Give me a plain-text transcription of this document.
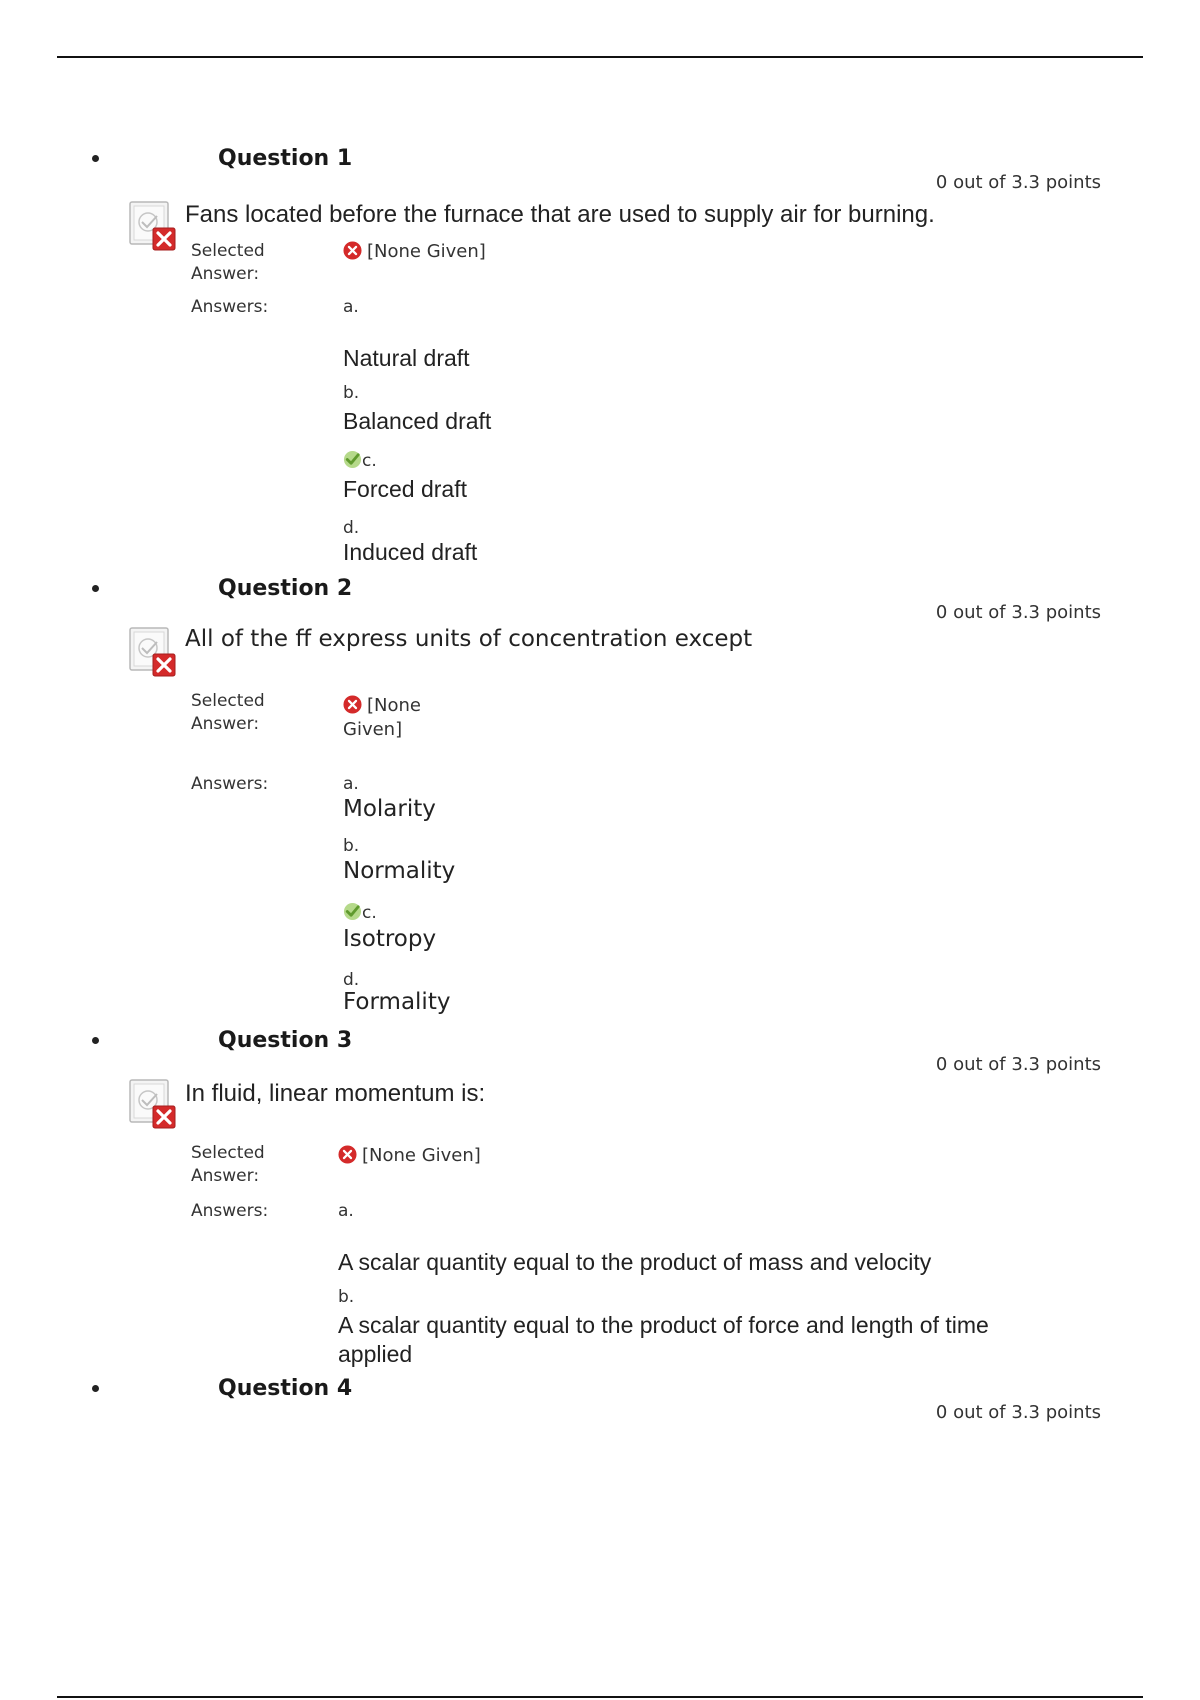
Question 1
0 out of 3.3 points
Fans located before the furnace that are used to supply air for burning.
Selected
Answer:
[None Given]
Answers:	a.
Natural draft
b.
Balanced draft
c.
Forced draft
d.
Induced draft
Question 2
0 out of 3.3 points
All of the ff express units of concentration except
Selected
Answer:
[None
Given]
Answers:	a.
Molarity
b.
Normality
c.
Isotropy
d.
Formality
Question 3
0 out of 3.3 points
In fluid, linear momentum is:
Selected
Answer:
[None Given]
Answers:	a.
A scalar quantity equal to the product of mass and velocity
b.
A scalar quantity equal to the product of force and length of time
applied
Question 4
0 out of 3.3 points
